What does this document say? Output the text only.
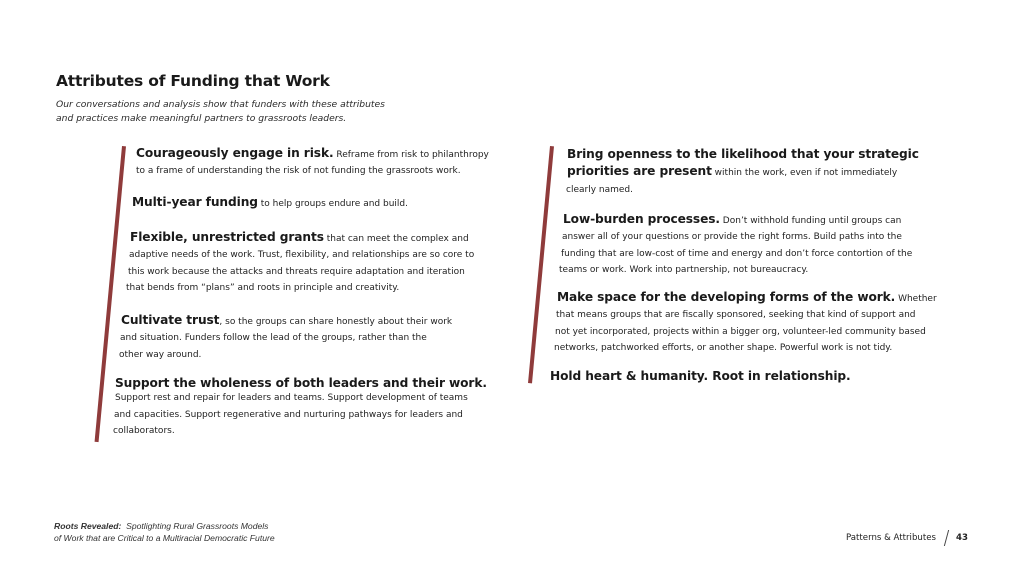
Attributes of Funding that Work
Our conversations and analysis show that funders with these attributes
and practices make meaningful partners to grassroots leaders.
Courageously engage in risk. Reframe from risk to philanthropy
to a frame of understanding the risk of not funding the grassroots work.
Multi-year funding to help groups endure and build.
Flexible, unrestricted grants that can meet the complex and
adaptive needs of the work. Trust, flexibility, and relationships are so core to
this work because the attacks and threats require adaptation and iteration
that bends from “plans” and roots in principle and creativity.
Cultivate trust, so the groups can share honestly about their work
and situation. Funders follow the lead of the groups, rather than the
other way around.
Support the wholeness of both leaders and their work.
Support rest and repair for leaders and teams. Support development of teams
and capacities. Support regenerative and nurturing pathways for leaders and
collaborators.
Bring openness to the likelihood that your strategic
priorities are present within the work, even if not immediately
clearly named.
Low-burden processes. Don’t withhold funding until groups can
answer all of your questions or provide the right forms. Build paths into the
funding that are low-cost of time and energy and don’t force contortion of the
teams or work. Work into partnership, not bureaucracy.
Make space for the developing forms of the work. Whether
that means groups that are fiscally sponsored, seeking that kind of support and
not yet incorporated, projects within a bigger org, volunteer-led community based
networks, patchworked efforts, or another shape. Powerful work is not tidy.
Hold heart & humanity. Root in relationship.
Roots Revealed: Spotlighting Rural Grassroots Models
of Work that are Critical to a Multiracial Democratic Future	Patterns & Attributes 43
